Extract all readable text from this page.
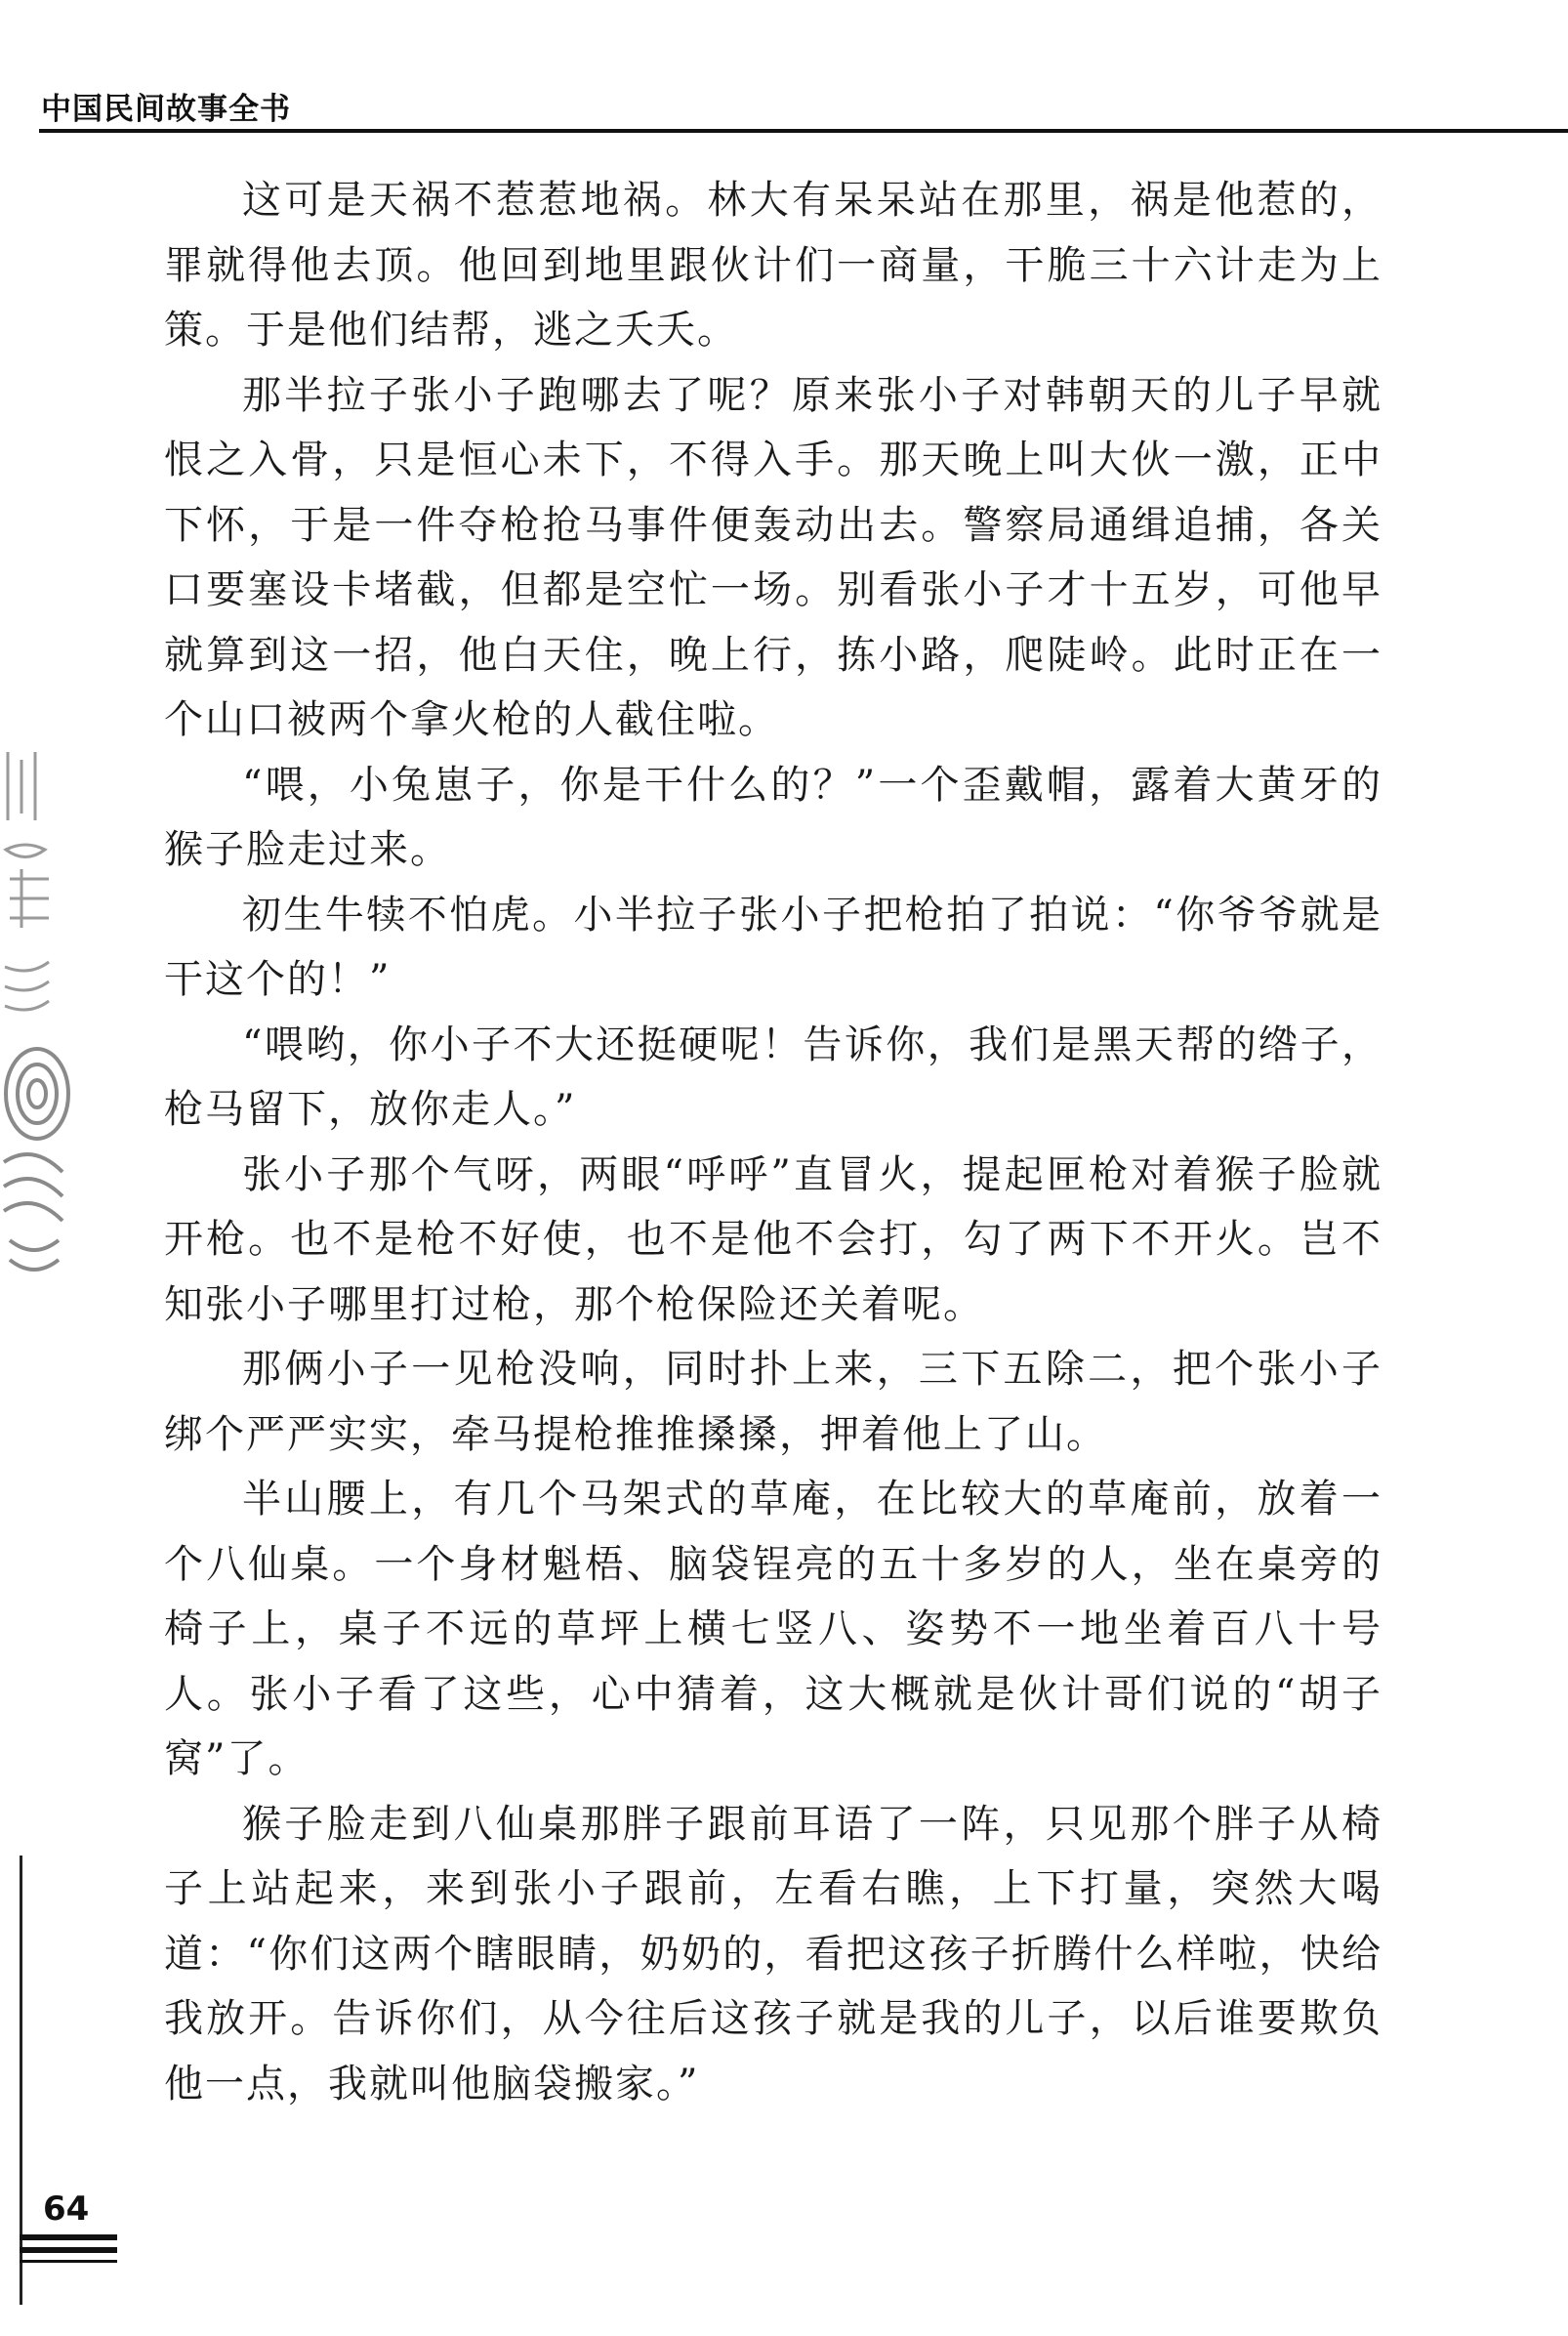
中国民间故事全书

这可是天祸不惹惹地祸。林大有呆呆站在那里，祸是他惹的，罪就得他去顶。他回到地里跟伙计们一商量，干脆三十六计走为上策。于是他们结帮，逃之夭夭。

那半拉子张小子跑哪去了呢？原来张小子对韩朝天的儿子早就恨之入骨，只是恒心未下，不得入手。那天晚上叫大伙一激，正中下怀，于是一件夺枪抢马事件便轰动出去。警察局通缉追捕，各关口要塞设卡堵截，但都是空忙一场。别看张小子才十五岁，可他早就算到这一招，他白天住，晚上行，拣小路，爬陡岭。此时正在一个山口被两个拿火枪的人截住啦。

“喂，小兔崽子，你是干什么的？”一个歪戴帽，露着大黄牙的猴子脸走过来。

初生牛犊不怕虎。小半拉子张小子把枪拍了拍说：“你爷爷就是干这个的！”

“喂哟，你小子不大还挺硬呢！告诉你，我们是黑天帮的绺子，枪马留下，放你走人。”

张小子那个气呀，两眼“呼呼”直冒火，提起匣枪对着猴子脸就开枪。也不是枪不好使，也不是他不会打，勾了两下不开火。岂不知张小子哪里打过枪，那个枪保险还关着呢。

那俩小子一见枪没响，同时扑上来，三下五除二，把个张小子绑个严严实实，牵马提枪推推搡搡，押着他上了山。

半山腰上，有几个马架式的草庵，在比较大的草庵前，放着一个八仙桌。一个身材魁梧、脑袋锃亮的五十多岁的人，坐在桌旁的椅子上，桌子不远的草坪上横七竖八、姿势不一地坐着百八十号人。张小子看了这些，心中猜着，这大概就是伙计哥们说的“胡子窝”了。

猴子脸走到八仙桌那胖子跟前耳语了一阵，只见那个胖子从椅子上站起来，来到张小子跟前，左看右瞧，上下打量，突然大喝道：“你们这两个瞎眼睛，奶奶的，看把这孩子折腾什么样啦，快给我放开。告诉你们，从今往后这孩子就是我的儿子，以后谁要欺负他一点，我就叫他脑袋搬家。”

64
